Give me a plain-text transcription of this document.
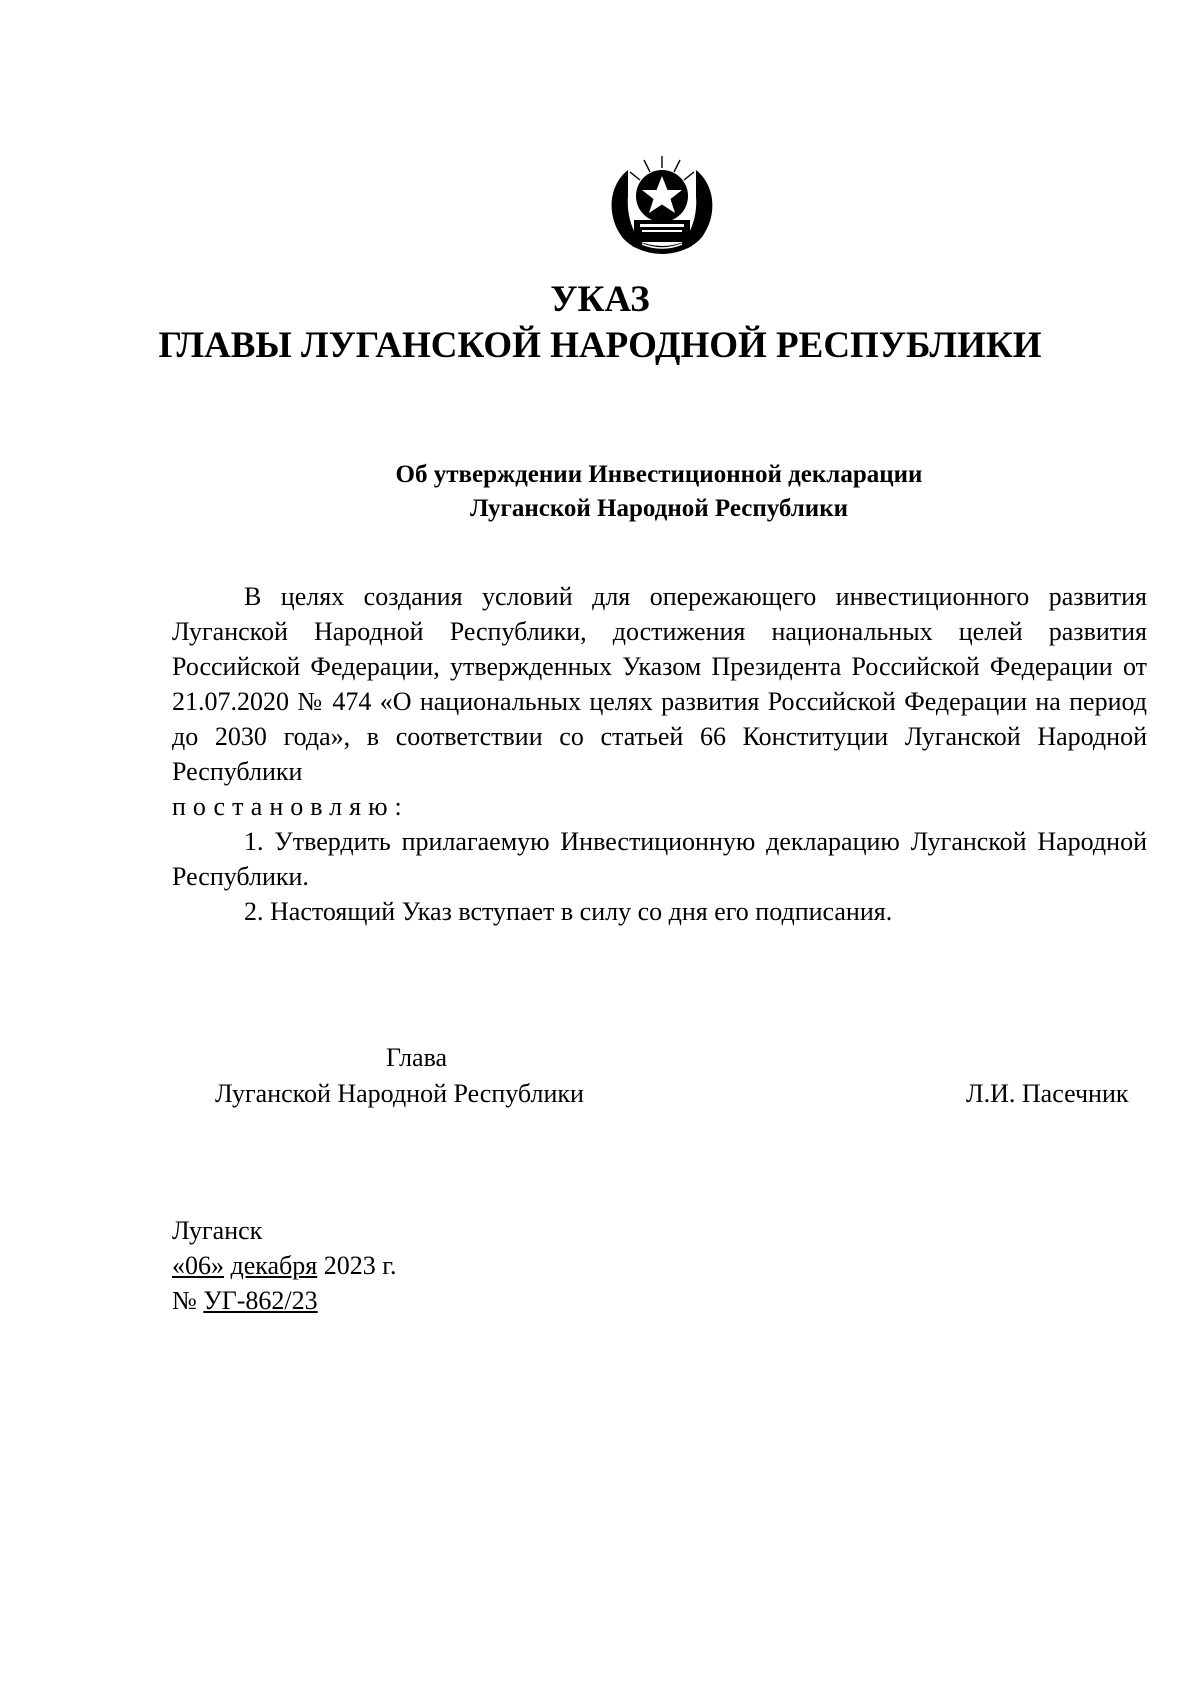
УКАЗ
ГЛАВЫ ЛУГАНСКОЙ НАРОДНОЙ РЕСПУБЛИКИ
Об утверждении Инвестиционной декларации
Луганской Народной Республики

В целях создания условий для опережающего инвестиционного развития Луганской Народной Республики, достижения национальных целей развития Российской Федерации, утвержденных Указом Президента Российской Федерации от 21.07.2020 № 474 «О национальных целях развития Российской Федерации на период до 2030 года», в соответствии со статьей 66 Конституции Луганской Народной Республики

постановляю:

1. Утвердить прилагаемую Инвестиционную декларацию Луганской Народной Республики.

2. Настоящий Указ вступает в силу со дня его подписания.

Глава
Луганской Народной Республики	Л.И. Пасечник
Луганск
«06» декабря 2023 г.
№ УГ-862/23
